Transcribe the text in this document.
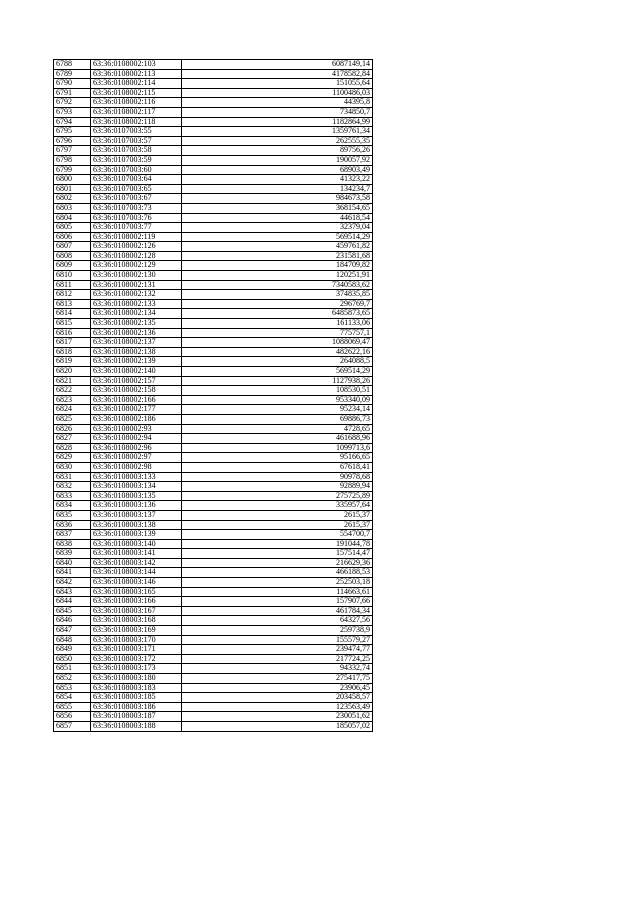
6788	63:36:0108002:103	6087149,14
6789	63:36:0108002:113	4178582,84
6790	63:36:0108002:114	151055,64
6791	63:36:0108002:115	1100486,03
6792	63:36:0108002:116	44395,8
6793	63:36:0108002:117	734850,7
6794	63:36:0108002:118	1182864,99
6795	63:36:0107003:55	1359761,34
6796	63:36:0107003:57	262555,35
6797	63:36:0107003:58	89756,26
6798	63:36:0107003:59	190057,92
6799	63:36:0107003:60	68903,49
6800	63:36:0107003:64	41323,22
6801	63:36:0107003:65	134234,7
6802	63:36:0107003:67	984673,58
6803	63:36:0107003:73	368154,65
6804	63:36:0107003:76	44618,54
6805	63:36:0107003:77	32379,04
6806	63:36:0108002:119	569514,29
6807	63:36:0108002:126	459761,82
6808	63:36:0108002:128	231581,68
6809	63:36:0108002:129	184709,82
6810	63:36:0108002:130	120251,91
6811	63:36:0108002:131	7340583,62
6812	63:36:0108002:132	374835,85
6813	63:36:0108002:133	296769,7
6814	63:36:0108002:134	6485873,65
6815	63:36:0108002:135	161133,06
6816	63:36:0108002:136	775757,1
6817	63:36:0108002:137	1088069,47
6818	63:36:0108002:138	482622,16
6819	63:36:0108002:139	264088,5
6820	63:36:0108002:140	569514,29
6821	63:36:0108002:157	1127938,26
6822	63:36:0108002:158	108530,51
6823	63:36:0108002:166	953340,09
6824	63:36:0108002:177	95234,14
6825	63:36:0108002:186	69886,73
6826	63:36:0108002:93	4728,65
6827	63:36:0108002:94	461688,96
6828	63:36:0108002:96	1099713,6
6829	63:36:0108002:97	95166,65
6830	63:36:0108002:98	67618,41
6831	63:36:0108003:133	90978,68
6832	63:36:0108003:134	92889,94
6833	63:36:0108003:135	275725,89
6834	63:36:0108003:136	335957,64
6835	63:36:0108003:137	2615,37
6836	63:36:0108003:138	2615,37
6837	63:36:0108003:139	554700,7
6838	63:36:0108003:140	191044,78
6839	63:36:0108003:141	157514,47
6840	63:36:0108003:142	216629,36
6841	63:36:0108003:144	466188,53
6842	63:36:0108003:146	252503,18
6843	63:36:0108003:165	114663,61
6844	63:36:0108003:166	157907,66
6845	63:36:0108003:167	461784,34
6846	63:36:0108003:168	64327,56
6847	63:36:0108003:169	259738,9
6848	63:36:0108003:170	155579,27
6849	63:36:0108003:171	239474,77
6850	63:36:0108003:172	217724,25
6851	63:36:0108003:173	94332,74
6852	63:36:0108003:180	275417,75
6853	63:36:0108003:183	23906,45
6854	63:36:0108003:185	203458,57
6855	63:36:0108003:186	123563,49
6856	63:36:0108003:187	230051,62
6857	63:36:0108003:188	185057,02
